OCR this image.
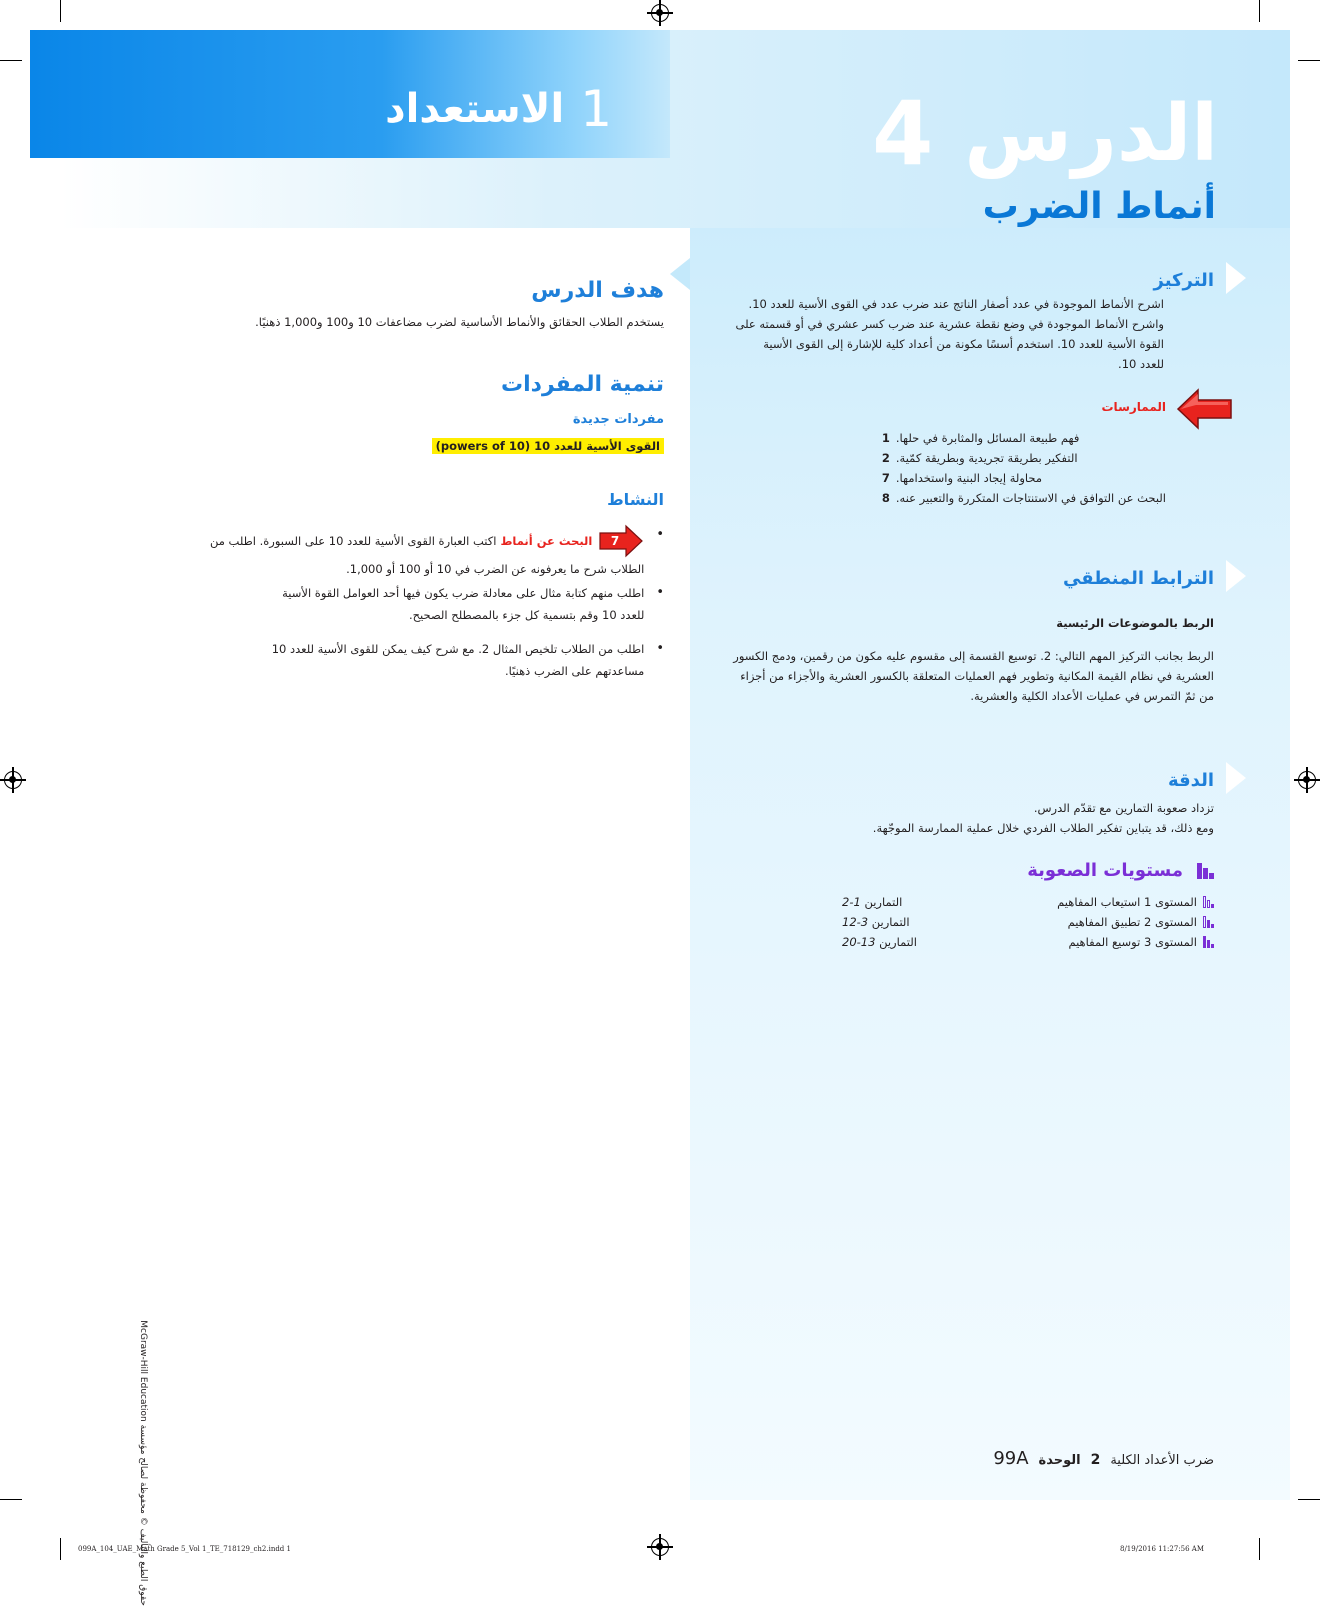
1
الاستعداد	الدرس
4
أنماط الضرب
التركيز
اشرح الأنماط الموجودة في عدد أصفار الناتج عند ضرب عدد في القوى الأسية للعدد 10.
واشرح الأنماط الموجودة في وضع نقطة عشرية عند ضرب كسر عشري في أو قسمته على
القوة الأسية للعدد 10. استخدم أسسًا مكونة من أعداد كلية للإشارة إلى القوى الأسية
للعدد 10.
الممارسات
1 فهم طبيعة المسائل والمثابرة في حلها.
2 التفكير بطريقة تجريدية وبطريقة كمّية.
7 محاولة إيجاد البنية واستخدامها.
8 البحث عن التوافق في الاستنتاجات المتكررة والتعبير عنه.
الترابط المنطقي
الربط بالموضوعات الرئيسية
الربط بجانب التركيز المهم التالي: 2. توسيع القسمة إلى مقسوم عليه مكون من رقمين، ودمج الكسور
العشرية في نظام القيمة المكانية وتطوير فهم العمليات المتعلقة بالكسور العشرية والأجزاء من أجزاء
من ثمّ التمرس في عمليات الأعداد الكلية والعشرية.
الدقة
تزداد صعوبة التمارين مع تقدّم الدرس.
ومع ذلك، قد يتباين تفكير الطلاب الفردي خلال عملية الممارسة الموجّهة.
مستويات الصعوبة
المستوى 1 استيعاب المفاهيم
التمارين 1-2
المستوى 2 تطبيق المفاهيم
التمارين 3-12
المستوى 3 توسيع المفاهيم
التمارين 13-20
هدف الدرس
يستخدم الطلاب الحقائق والأنماط الأساسية لضرب مضاعفات 10 و100 و1,000 ذهنيًا.
تنمية المفردات
مفردات جديدة
القوى الأسية للعدد 10 (powers of 10)
النشاط
•
7
البحث عن أنماط
اكتب العبارة القوى الأسية للعدد 10 على السبورة. اطلب من
الطلاب شرح ما يعرفونه عن الضرب في 10 أو 100 أو 1,000.
•
اطلب منهم كتابة مثال على معادلة ضرب يكون فيها أحد العوامل القوة الأسية
للعدد 10 وقم بتسمية كل جزء بالمصطلح الصحيح.
•
اطلب من الطلاب تلخيص المثال 2. مع شرح كيف يمكن للقوى الأسية للعدد 10
مساعدتهم على الضرب ذهنيًا.
حقوق الطبع والتأليف © محفوظة لصالح مؤسسة McGraw-Hill Education	99A الوحدة 2 ضرب الأعداد الكلية
099A_104_UAE_Math Grade 5_Vol 1_TE_718129_ch2.indd 1	8/19/2016 11:27:56 AM
